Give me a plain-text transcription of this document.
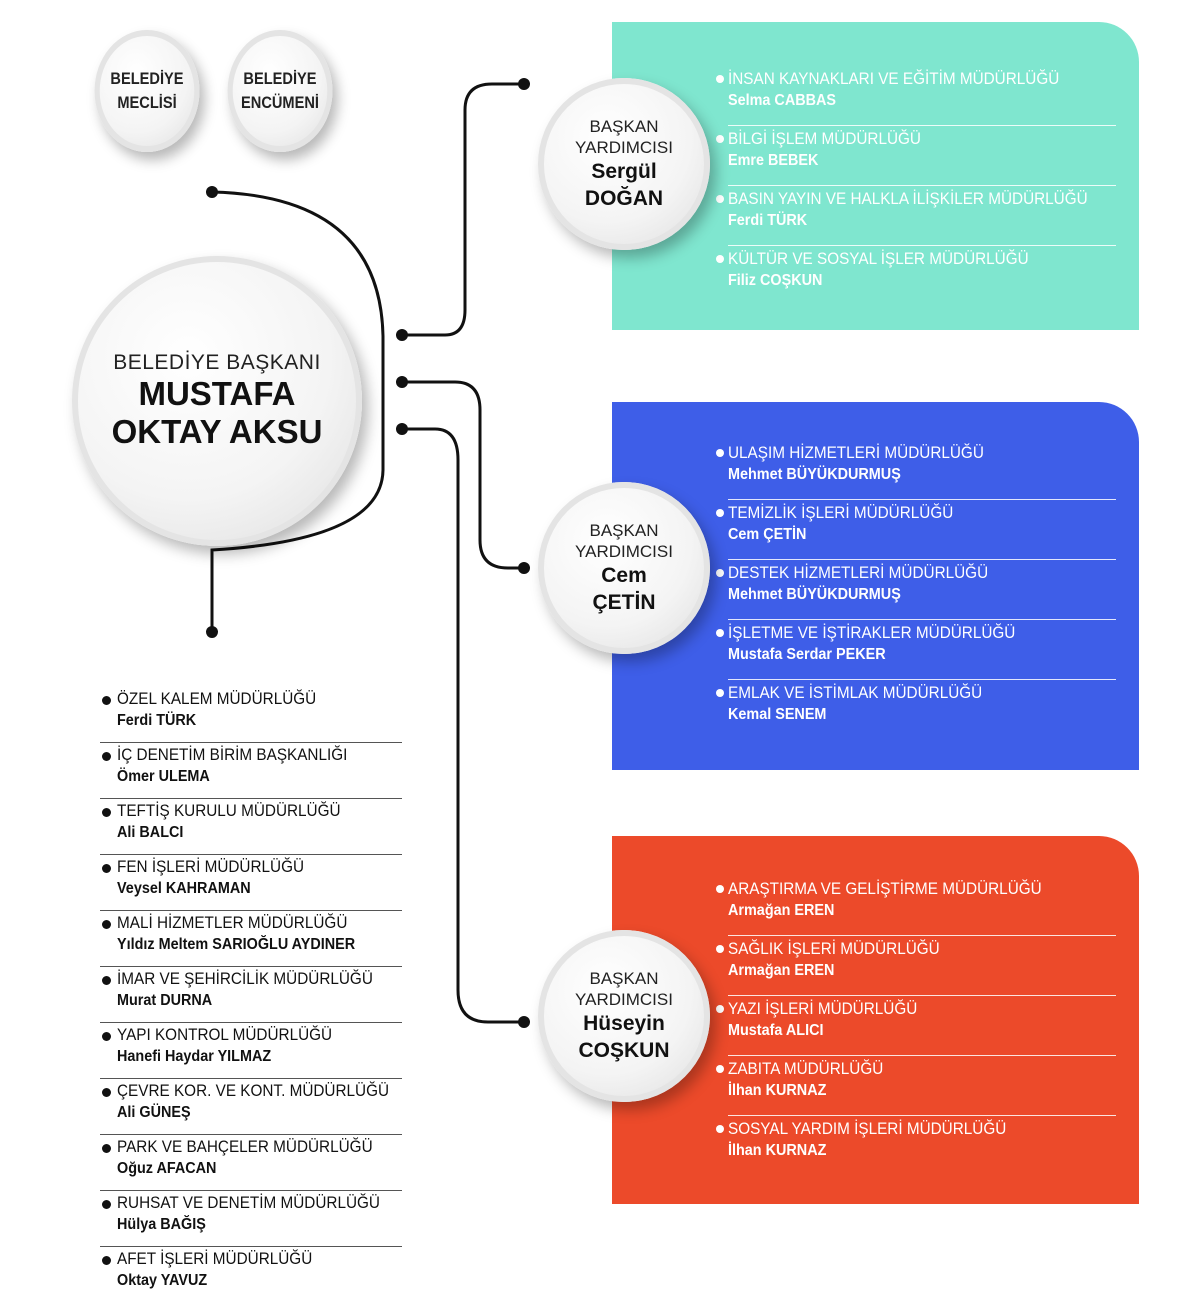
BELEDİYE
MECLİSİ
BELEDİYE
ENCÜMENİ
BELEDİYE BAŞKANI
MUSTAFA
OKTAY AKSU
İNSAN KAYNAKLARI VE EĞİTİM MÜDÜRLÜĞÜ
Selma CABBAS
BİLGİ İŞLEM MÜDÜRLÜĞÜ
Emre BEBEK
BASIN YAYIN VE HALKLA İLİŞKİLER MÜDÜRLÜĞÜ
Ferdi TÜRK
KÜLTÜR VE SOSYAL İŞLER MÜDÜRLÜĞÜ
Filiz COŞKUN
BAŞKAN
YARDIMCISI
Sergül
DOĞAN
ULAŞIM HİZMETLERİ MÜDÜRLÜĞÜ
Mehmet BÜYÜKDURMUŞ
TEMİZLİK İŞLERİ MÜDÜRLÜĞÜ
Cem ÇETİN
DESTEK HİZMETLERİ MÜDÜRLÜĞÜ
Mehmet BÜYÜKDURMUŞ
İŞLETME VE İŞTİRAKLER MÜDÜRLÜĞÜ
Mustafa Serdar PEKER
EMLAK VE İSTİMLAK MÜDÜRLÜĞÜ
Kemal SENEM
BAŞKAN
YARDIMCISI
Cem
ÇETİN
ARAŞTIRMA VE GELİŞTİRME MÜDÜRLÜĞÜ
Armağan EREN
SAĞLIK İŞLERİ MÜDÜRLÜĞÜ
Armağan EREN
YAZI İŞLERİ MÜDÜRLÜĞÜ
Mustafa ALICI
ZABITA MÜDÜRLÜĞÜ
İlhan KURNAZ
SOSYAL YARDIM İŞLERİ MÜDÜRLÜĞÜ
İlhan KURNAZ
BAŞKAN
YARDIMCISI
Hüseyin
COŞKUN
ÖZEL KALEM MÜDÜRLÜĞÜ
Ferdi TÜRK
İÇ DENETİM BİRİM BAŞKANLIĞI
Ömer ULEMA
TEFTİŞ KURULU MÜDÜRLÜĞÜ
Ali BALCI
FEN İŞLERİ MÜDÜRLÜĞÜ
Veysel KAHRAMAN
MALİ HİZMETLER MÜDÜRLÜĞÜ
Yıldız Meltem SARIOĞLU AYDINER
İMAR VE ŞEHİRCİLİK MÜDÜRLÜĞÜ
Murat DURNA
YAPI KONTROL MÜDÜRLÜĞÜ
Hanefi Haydar YILMAZ
ÇEVRE KOR. VE KONT. MÜDÜRLÜĞÜ
Ali GÜNEŞ
PARK VE BAHÇELER MÜDÜRLÜĞÜ
Oğuz AFACAN
RUHSAT VE DENETİM MÜDÜRLÜĞÜ
Hülya BAĞIŞ
AFET İŞLERİ MÜDÜRLÜĞÜ
Oktay YAVUZ
